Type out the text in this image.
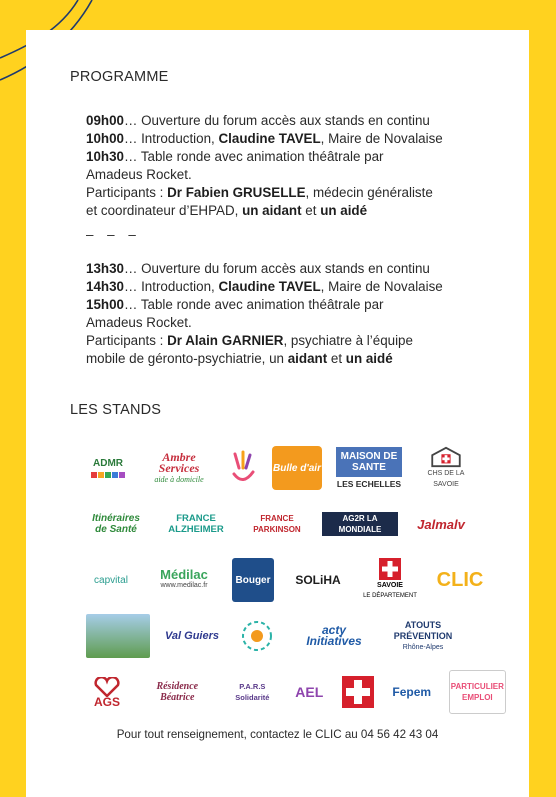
PROGRAMME

09h00… Ouverture du forum accès aux stands en continu

10h00… Introduction, Claudine TAVEL, Maire de Novalaise

10h30… Table ronde avec animation théâtrale par

Amadeus Rocket.

Participants : Dr Fabien GRUSELLE, médecin généraliste

et coordinateur d’EHPAD, un aidant et un aidé

– – –

13h30… Ouverture du forum accès aux stands en continu

14h30… Introduction, Claudine TAVEL, Maire de Novalaise

15h00… Table ronde avec animation théâtrale par

Amadeus Rocket.

Participants : Dr Alain GARNIER, psychiatre à l’équipe

mobile de géronto-psychiatrie, un aidant et un aidé

LES STANDS
ADMR	Ambre Services
aide à domicile
Bulle d'air
MAISON DE SANTE
LES ECHELLES
CHS DE LA SAVOIE
Itinéraires de Santé
FRANCE ALZHEIMER
FRANCE PARKINSON
AG2R LA MONDIALE	Jalmalv
capvital	Médilac
www.medilac.fr	Bouger	SOLiHA	SAVOIE
LE DÉPARTEMENT
CLIC
Val Guiers	acty Initiatives
ATOUTS PRÉVENTION
Rhône-Alpes
AGS
Résidence Béatrice
P.A.R.S Solidarité	AEL	Fepem	PARTICULIER EMPLOI
Pour tout renseignement, contactez le CLIC au 04 56 42 43 04
